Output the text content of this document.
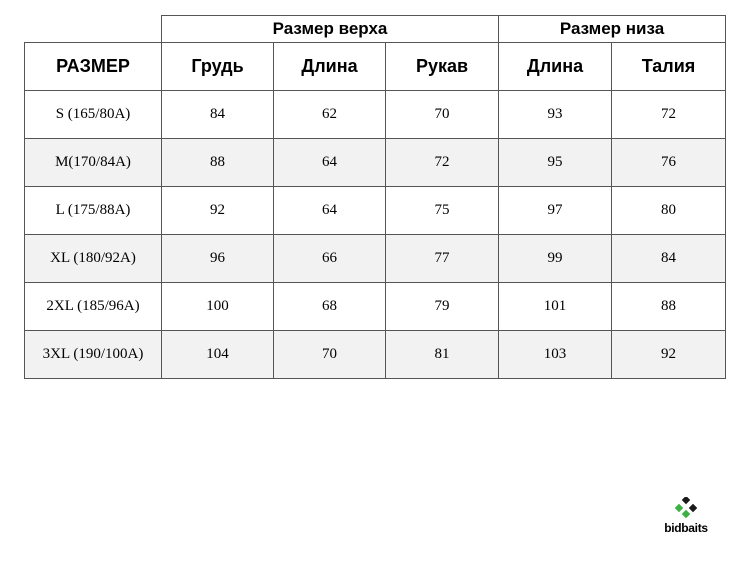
	Размер верха			Размер низа	
РАЗМЕР	Грудь	Длина	Рукав	Длина	Талия
S (165/80A)	84	62	70	93	72
M(170/84A)	88	64	72	95	76
L (175/88A)	92	64	75	97	80
XL (180/92A)	96	66	77	99	84
2XL (185/96A)	100	68	79	101	88
3XL (190/100A)	104	70	81	103	92
bidbaits
